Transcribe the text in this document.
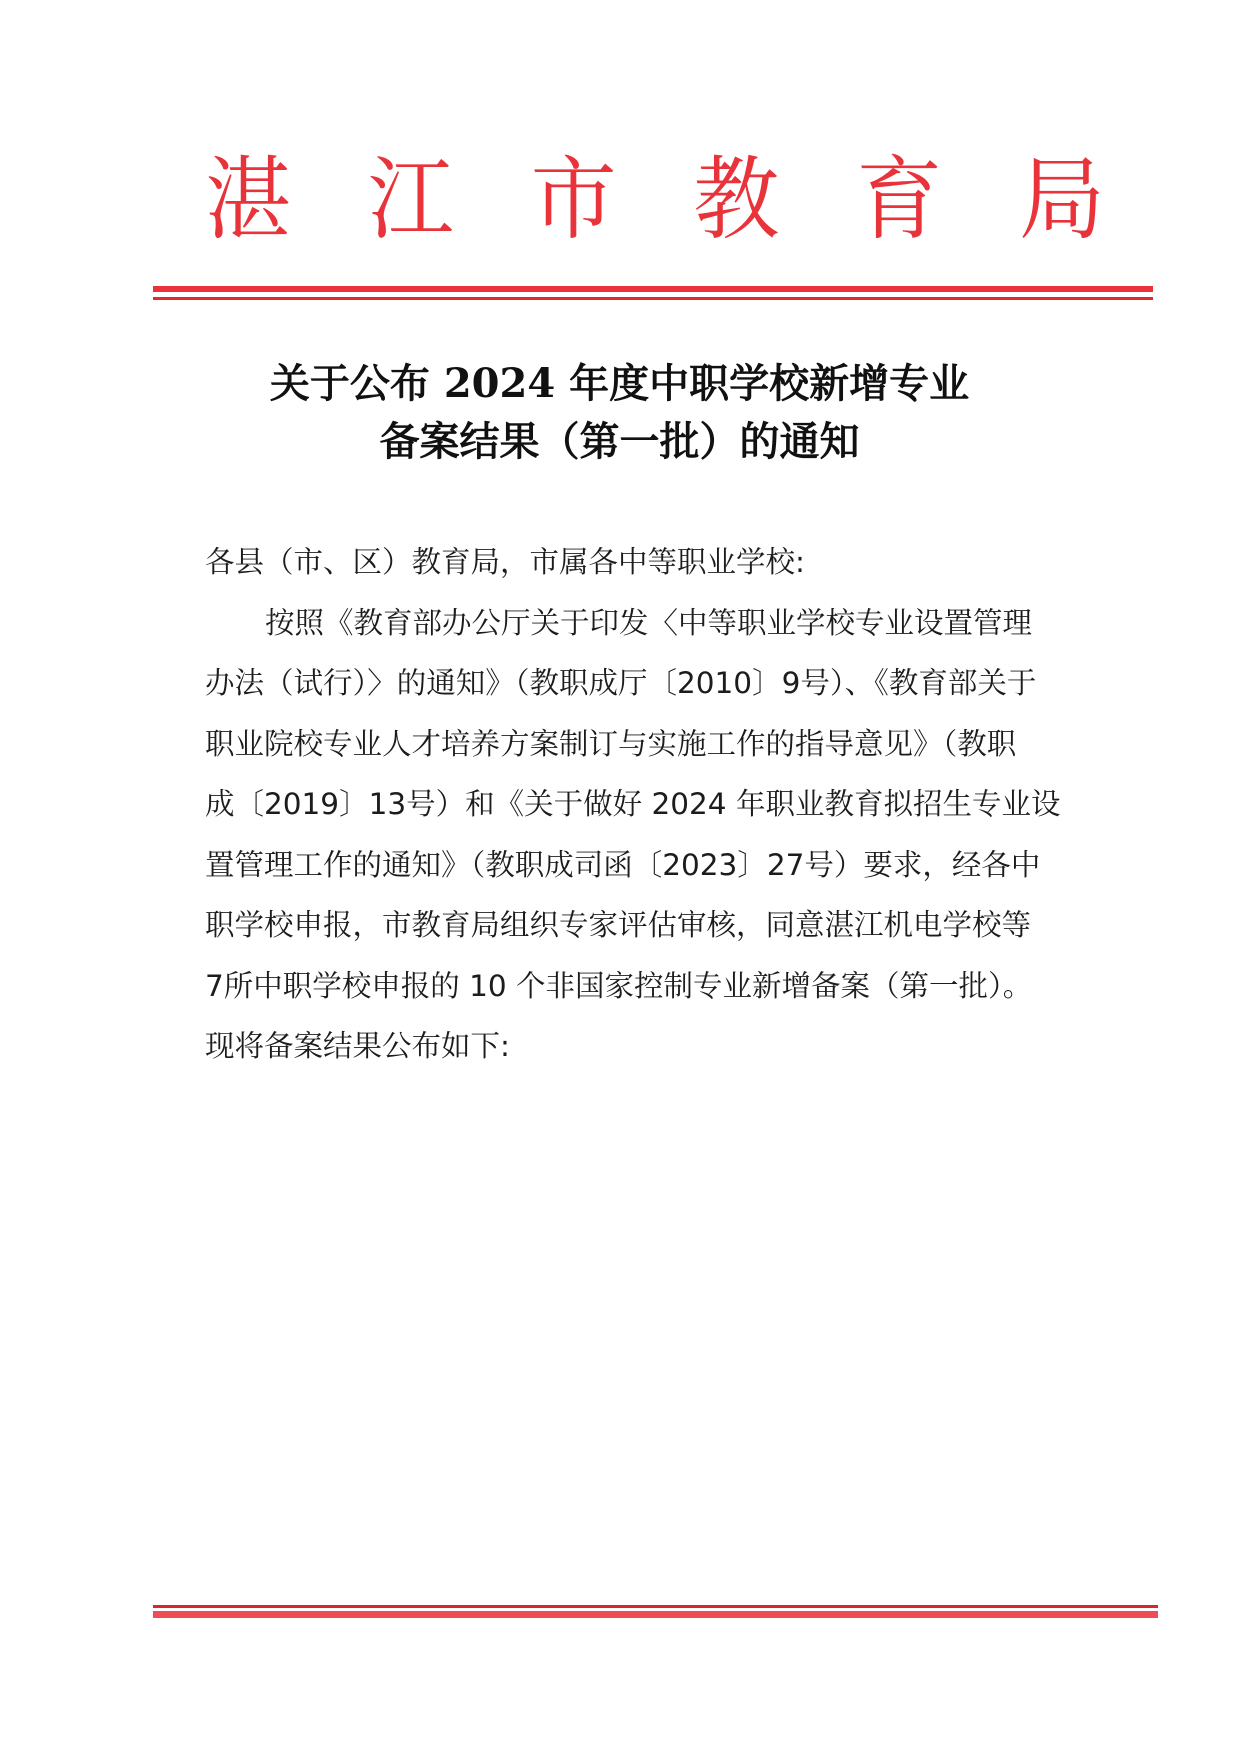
湛 江 市 教 育 局
关于公布 2024 年度中职学校新增专业
备案结果（第一批）的通知
各县（市、区）教育局，市属各中等职业学校:
按照《教育部办公厅关于印发〈中等职业学校专业设置管理
办法（试行）〉的通知》（教职成厅〔2010〕9号）、《教育部关于
职业院校专业人才培养方案制订与实施工作的指导意见》（教职
成〔2019〕13号）和《关于做好 2024 年职业教育拟招生专业设
置管理工作的通知》（教职成司函〔2023〕27号）要求，经各中
职学校申报，市教育局组织专家评估审核，同意湛江机电学校等
7所中职学校申报的 10 个非国家控制专业新增备案（第一批）。
现将备案结果公布如下:
